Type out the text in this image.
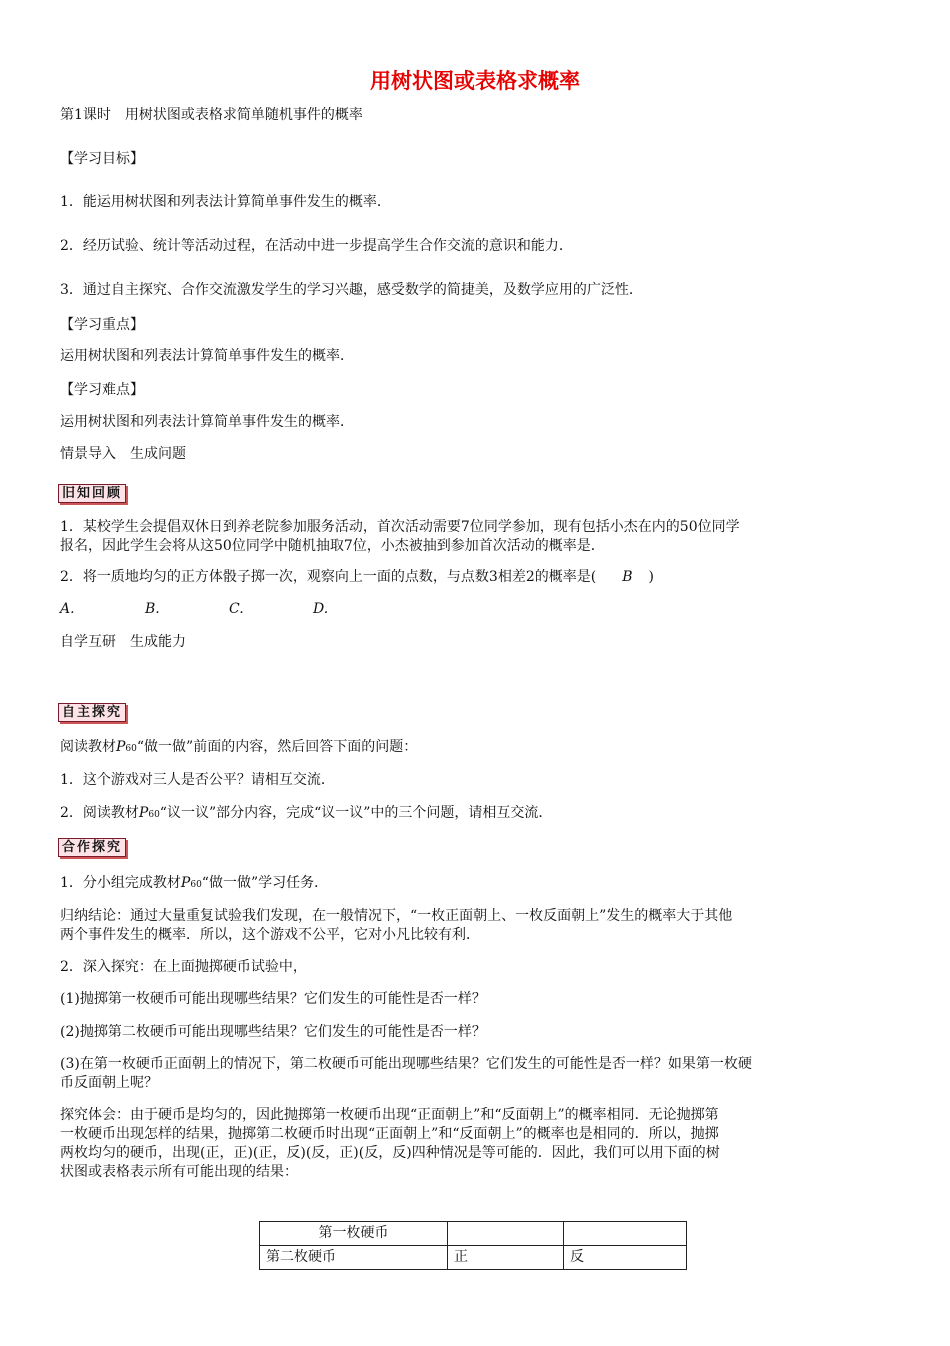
用树状图或表格求概率
第1课时　用树状图或表格求简单随机事件的概率
【学习目标】
1．能运用树状图和列表法计算简单事件发生的概率．
2．经历试验、统计等活动过程，在活动中进一步提高学生合作交流的意识和能力．
3．通过自主探究、合作交流激发学生的学习兴趣，感受数学的简捷美，及数学应用的广泛性．
【学习重点】
运用树状图和列表法计算简单事件发生的概率．
【学习难点】
运用树状图和列表法计算简单事件发生的概率．
情景导入　生成问题
旧知回顾
1．某校学生会提倡双休日到养老院参加服务活动，首次活动需要7位同学参加，现有包括小杰在内的50位同学
报名，因此学生会将从这50位同学中随机抽取7位，小杰被抽到参加首次活动的概率是．
2．将一质地均匀的正方体骰子掷一次，观察向上一面的点数，与点数3相差2的概率是( B )
A.	B.	C.	D.
自学互研　生成能力
自主探究
阅读教材P60“做一做”前面的内容，然后回答下面的问题：
1．这个游戏对三人是否公平？请相互交流．
2．阅读教材P60“议一议”部分内容，完成“议一议”中的三个问题，请相互交流．
合作探究
1．分小组完成教材P60“做一做”学习任务．
归纳结论：通过大量重复试验我们发现，在一般情况下，“一枚正面朝上、一枚反面朝上”发生的概率大于其他
两个事件发生的概率．所以，这个游戏不公平，它对小凡比较有利．
2．深入探究：在上面抛掷硬币试验中，
(1)抛掷第一枚硬币可能出现哪些结果？它们发生的可能性是否一样？
(2)抛掷第二枚硬币可能出现哪些结果？它们发生的可能性是否一样？
(3)在第一枚硬币正面朝上的情况下，第二枚硬币可能出现哪些结果？它们发生的可能性是否一样？如果第一枚硬
币反面朝上呢？
探究体会：由于硬币是均匀的，因此抛掷第一枚硬币出现“正面朝上”和“反面朝上”的概率相同．无论抛掷第
一枚硬币出现怎样的结果，抛掷第二枚硬币时出现“正面朝上”和“反面朝上”的概率也是相同的．所以，抛掷
两枚均匀的硬币，出现(正，正)(正，反)(反，正)(反，反)四种情况是等可能的．因此，我们可以用下面的树
状图或表格表示所有可能出现的结果：
第一枚硬币		
第二枚硬币	正	反
